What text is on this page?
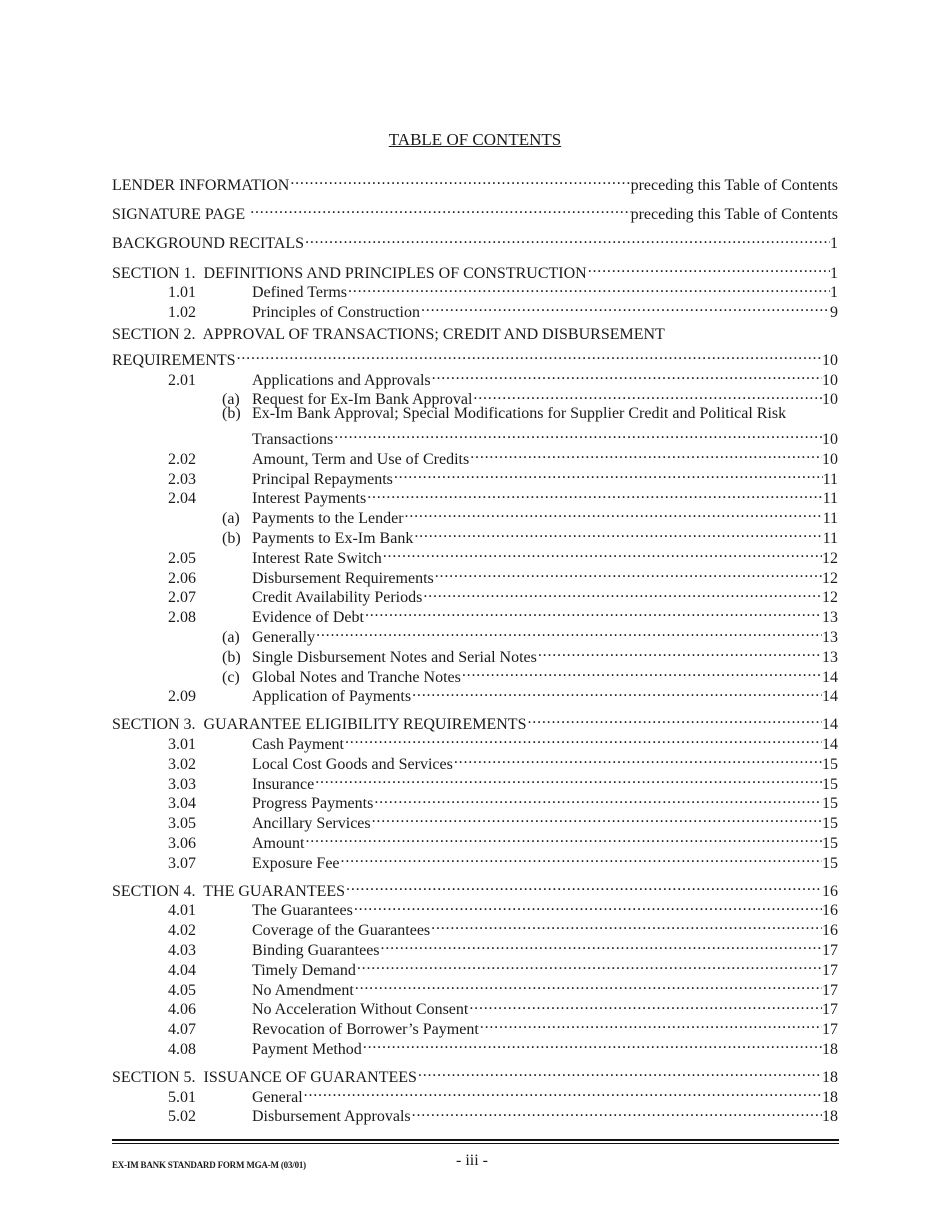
TABLE OF CONTENTS
LENDER INFORMATION .....	preceding this Table of Contents
SIGNATURE PAGE .....	preceding this Table of Contents
BACKGROUND RECITALS .....	1
SECTION 1.  DEFINITIONS AND PRINCIPLES OF CONSTRUCTION .....	1
1.01	Defined Terms .....	1
1.02	Principles of Construction .....	9
SECTION 2.  APPROVAL OF TRANSACTIONS; CREDIT AND DISBURSEMENT
REQUIREMENTS .....	10
2.01	Applications and Approvals .....	10
(a) Request for Ex-Im Bank Approval .....	10
(b) Ex-Im Bank Approval; Special Modifications for Supplier Credit and Political Risk
Transactions .....	10
2.02	Amount, Term and Use of Credits .....	10
2.03	Principal Repayments .....	11
2.04	Interest Payments .....	11
(a) Payments to the Lender .....	11
(b) Payments to Ex-Im Bank .....	11
2.05	Interest Rate Switch .....	12
2.06	Disbursement Requirements .....	12
2.07	Credit Availability Periods .....	12
2.08	Evidence of Debt .....	13
(a) Generally .....	13
(b) Single Disbursement Notes and Serial Notes .....	13
(c) Global Notes and Tranche Notes .....	14
2.09	Application of Payments .....	14
SECTION 3.  GUARANTEE ELIGIBILITY REQUIREMENTS .....	14
3.01	Cash Payment .....	14
3.02	Local Cost Goods and Services .....	15
3.03	Insurance .....	15
3.04	Progress Payments .....	15
3.05	Ancillary Services .....	15
3.06	Amount .....	15
3.07	Exposure Fee .....	15
SECTION 4.  THE GUARANTEES .....	16
4.01	The Guarantees .....	16
4.02	Coverage of the Guarantees .....	16
4.03	Binding Guarantees .....	17
4.04	Timely Demand .....	17
4.05	No Amendment .....	17
4.06	No Acceleration Without Consent .....	17
4.07	Revocation of Borrower’s Payment .....	17
4.08	Payment Method .....	18
SECTION 5.  ISSUANCE OF GUARANTEES .....	18
5.01	General .....	18
5.02	Disbursement Approvals .....	18
EX-IM BANK STANDARD FORM MGA-M (03/01)	- iii -
